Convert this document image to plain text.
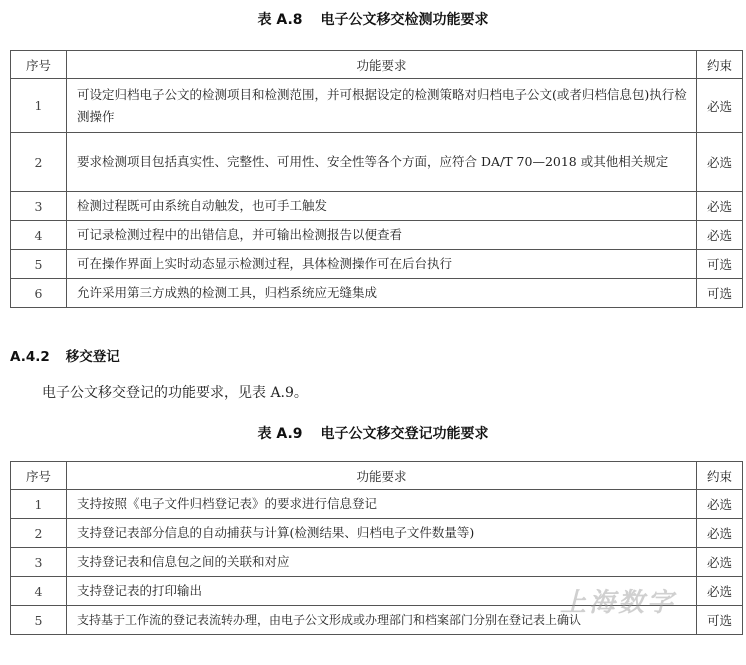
表 A.8 电子公文移交检测功能要求
序号	功能要求	约束
1	可设定归档电子公文的检测项目和检测范围，并可根据设定的检测策略对归档电子公文(或者归档信息包)执行检测操作	必选
2	要求检测项目包括真实性、完整性、可用性、安全性等各个方面，应符合 DA/T 70—2018 或其他相关规定	必选
3	检测过程既可由系统自动触发，也可手工触发	必选
4	可记录检测过程中的出错信息，并可输出检测报告以便查看	必选
5	可在操作界面上实时动态显示检测过程，具体检测操作可在后台执行	可选
6	允许采用第三方成熟的检测工具，归档系统应无缝集成	可选
A.4.2 移交登记
电子公文移交登记的功能要求，见表 A.9。
表 A.9 电子公文移交登记功能要求
序号	功能要求	约束
1	支持按照《电子文件归档登记表》的要求进行信息登记	必选
2	支持登记表部分信息的自动捕获与计算(检测结果、归档电子文件数量等)	必选
3	支持登记表和信息包之间的关联和对应	必选
4	支持登记表的打印输出	必选
5	支持基于工作流的登记表流转办理，由电子公文形成或办理部门和档案部门分别在登记表上确认	可选
上海数字
